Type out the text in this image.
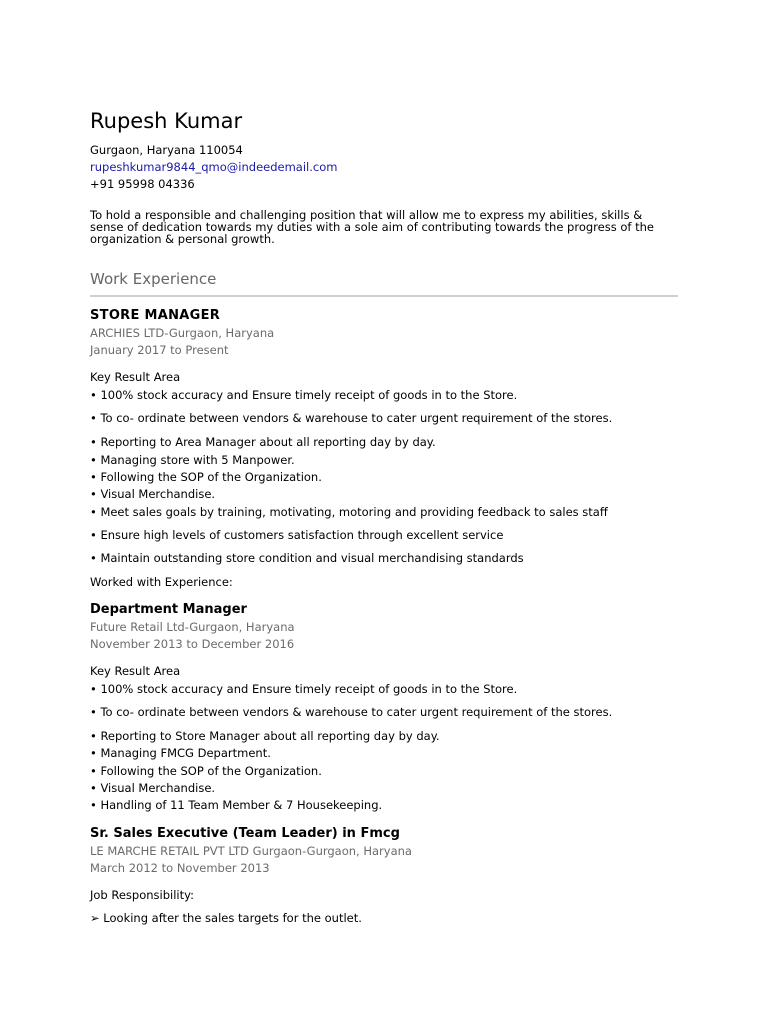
Rupesh Kumar
Gurgaon, Haryana 110054
rupeshkumar9844_qmo@indeedemail.com
+91 95998 04336
To hold a responsible and challenging position that will allow me to express my abilities, skills & sense of dedication towards my duties with a sole aim of contributing towards the progress of the organization & personal growth.
Work Experience
STORE MANAGER
ARCHIES LTD-Gurgaon, Haryana
January 2017 to Present
Key Result Area
• 100% stock accuracy and Ensure timely receipt of goods in to the Store.
• To co- ordinate between vendors & warehouse to cater urgent requirement of the stores.
• Reporting to Area Manager about all reporting day by day.
• Managing store with 5 Manpower.
• Following the SOP of the Organization.
• Visual Merchandise.
• Meet sales goals by training, motivating, motoring and providing feedback to sales staff
• Ensure high levels of customers satisfaction through excellent service
• Maintain outstanding store condition and visual merchandising standards
Worked with Experience:
Department Manager
Future Retail Ltd-Gurgaon, Haryana
November 2013 to December 2016
Key Result Area
• 100% stock accuracy and Ensure timely receipt of goods in to the Store.
• To co- ordinate between vendors & warehouse to cater urgent requirement of the stores.
• Reporting to Store Manager about all reporting day by day.
• Managing FMCG Department.
• Following the SOP of the Organization.
• Visual Merchandise.
• Handling of 11 Team Member & 7 Housekeeping.
Sr. Sales Executive (Team Leader) in Fmcg
LE MARCHE RETAIL PVT LTD Gurgaon-Gurgaon, Haryana
March 2012 to November 2013
Job Responsibility:
➢ Looking after the sales targets for the outlet.
